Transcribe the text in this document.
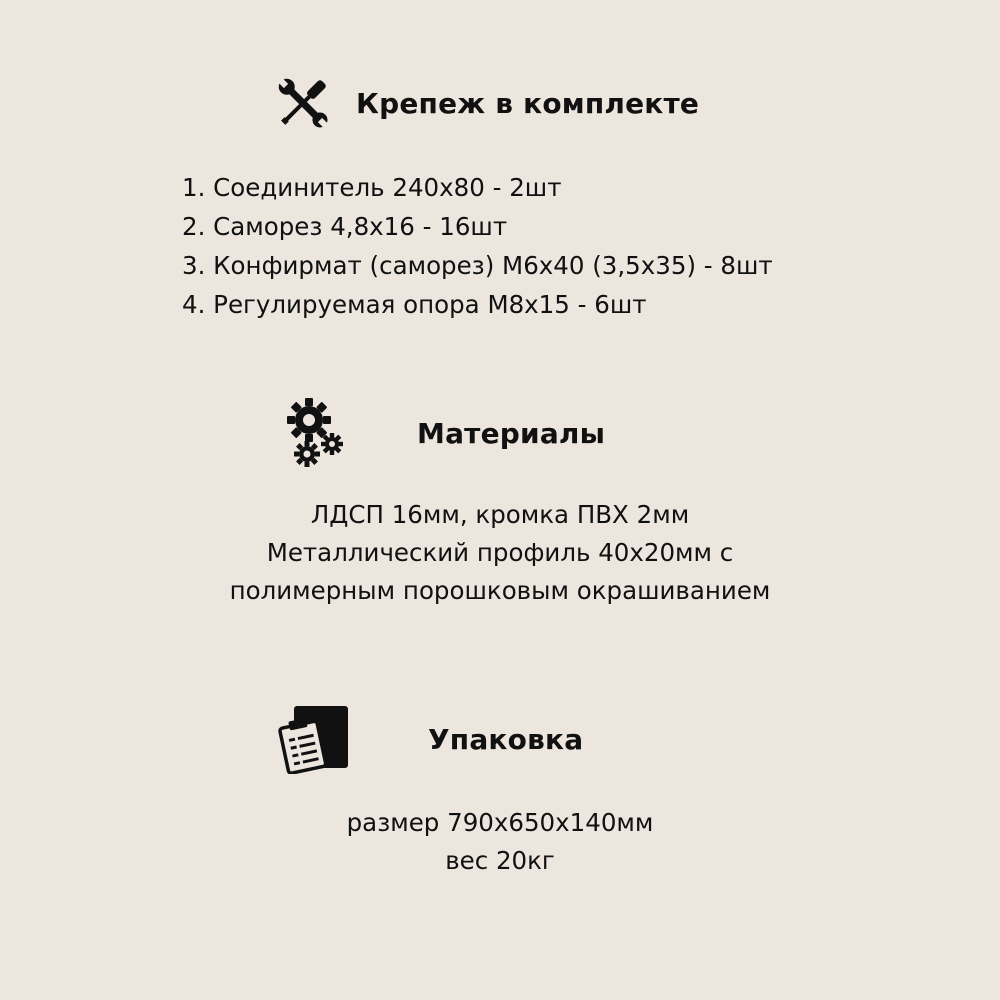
Крепеж в комплекте
1. Соединитель 240х80 - 2шт
2. Саморез 4,8х16 - 16шт
3. Конфирмат (саморез) М6х40 (3,5х35) - 8шт
4. Регулируемая опора М8х15 - 6шт
Материалы
ЛДСП 16мм, кромка ПВХ 2мм
Металлический профиль 40х20мм с
полимерным порошковым окрашиванием
Упаковка
размер 790х650х140мм
вес 20кг
